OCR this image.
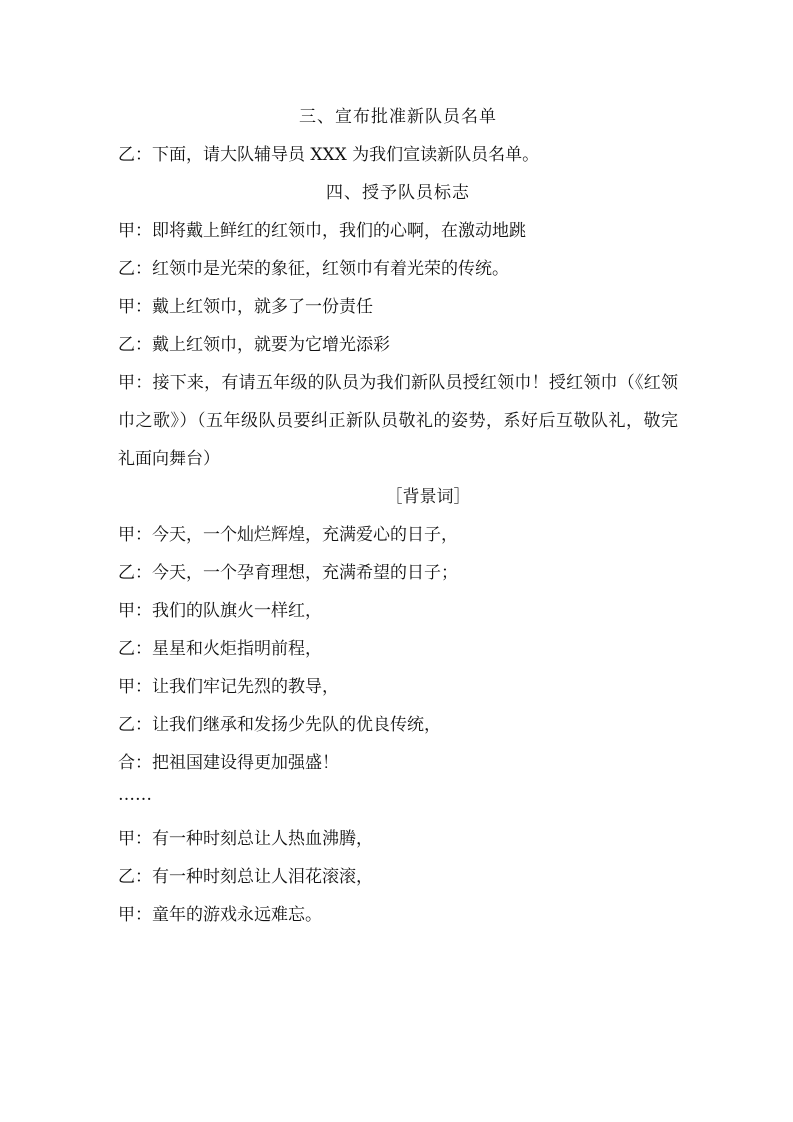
三、宣布批准新队员名单

乙：下面，请大队辅导员 XXX 为我们宣读新队员名单。

四、授予队员标志

甲：即将戴上鲜红的红领巾，我们的心啊，在激动地跳

乙：红领巾是光荣的象征，红领巾有着光荣的传统。

甲：戴上红领巾，就多了一份责任

乙：戴上红领巾，就要为它增光添彩

甲：接下来，有请五年级的队员为我们新队员授红领巾！授红领巾（《红领巾之歌》）（五年级队员要纠正新队员敬礼的姿势，系好后互敬队礼，敬完礼面向舞台）

［背景词］

甲：今天，一个灿烂辉煌，充满爱心的日子，

乙：今天，一个孕育理想，充满希望的日子；

甲：我们的队旗火一样红，

乙：星星和火炬指明前程，

甲：让我们牢记先烈的教导，

乙：让我们继承和发扬少先队的优良传统，

合：把祖国建设得更加强盛！

……

甲：有一种时刻总让人热血沸腾，

乙：有一种时刻总让人泪花滚滚，

甲：童年的游戏永远难忘。
